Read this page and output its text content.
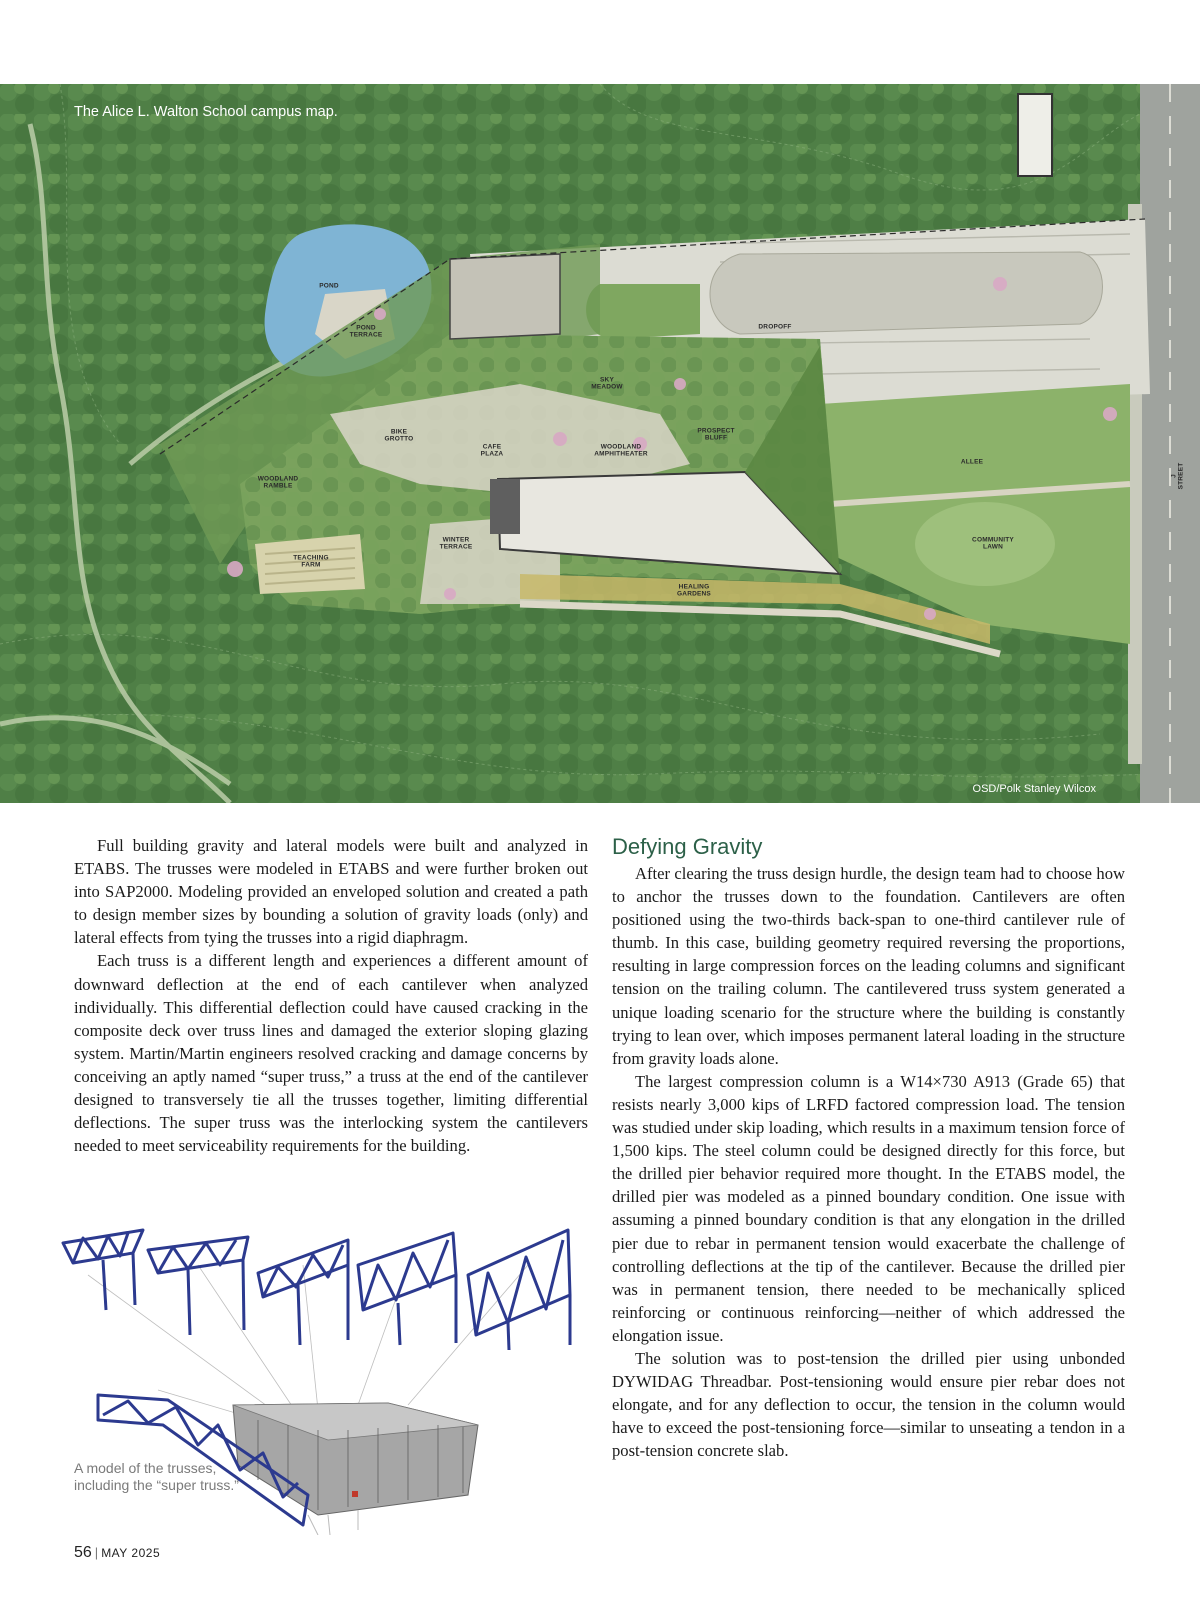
The Alice L. Walton School campus map.
POND
POND
TERRACE
DROPOFF
SKY
MEADOW
BIKE
GROTTO
CAFE
PLAZA
WOODLAND
AMPHITHEATER
PROSPECT
BLUFF
WOODLAND
RAMBLE
ALLEE
J STREET
COMMUNITY
LAWN
WINTER
TERRACE
TEACHING
FARM
HEALING
GARDENS
OSD/Polk Stanley Wilcox

Full building gravity and lateral models were built and analyzed in ETABS. The trusses were modeled in ETABS and were further broken out into SAP2000. Modeling provided an enveloped solution and created a path to design member sizes by bounding a solution of gravity loads (only) and lateral effects from tying the trusses into a rigid diaphragm.

Each truss is a different length and experiences a different amount of downward deflection at the end of each cantilever when analyzed individually. This differential deflection could have caused cracking in the composite deck over truss lines and damaged the exterior sloping glazing system. Martin/Martin engineers resolved cracking and damage concerns by conceiving an aptly named “super truss,” a truss at the end of the cantilever designed to transversely tie all the trusses together, limiting differential deflections. The super truss was the interlocking system the cantilevers needed to meet serviceability requirements for the building.

A model of the trusses, including the “super truss.”
Defying Gravity

After clearing the truss design hurdle, the design team had to choose how to anchor the trusses down to the foundation. Cantilevers are often positioned using the two-thirds back-span to one-third cantilever rule of thumb. In this case, building geometry required reversing the proportions, resulting in large compression forces on the leading columns and significant tension on the trailing column. The cantilevered truss system generated a unique loading scenario for the structure where the building is constantly trying to lean over, which imposes permanent lateral loading in the structure from gravity loads alone.

The largest compression column is a W14×730 A913 (Grade 65) that resists nearly 3,000 kips of LRFD factored compression load. The tension was studied under skip loading, which results in a maximum tension force of 1,500 kips. The steel column could be designed directly for this force, but the drilled pier behavior required more thought. In the ETABS model, the drilled pier was modeled as a pinned boundary condition. One issue with assuming a pinned boundary condition is that any elongation in the drilled pier due to rebar in permanent tension would exacerbate the challenge of controlling deflections at the tip of the cantilever. Because the drilled pier was in permanent tension, there needed to be mechanically spliced reinforcing or continuous reinforcing—neither of which addressed the elongation issue.

The solution was to post-tension the drilled pier using unbonded DYWIDAG Threadbar. Post-tensioning would ensure pier rebar does not elongate, and for any deflection to occur, the tension in the column would have to exceed the post-tensioning force—similar to unseating a tendon in a post-tension concrete slab.

56 | MAY 2025
